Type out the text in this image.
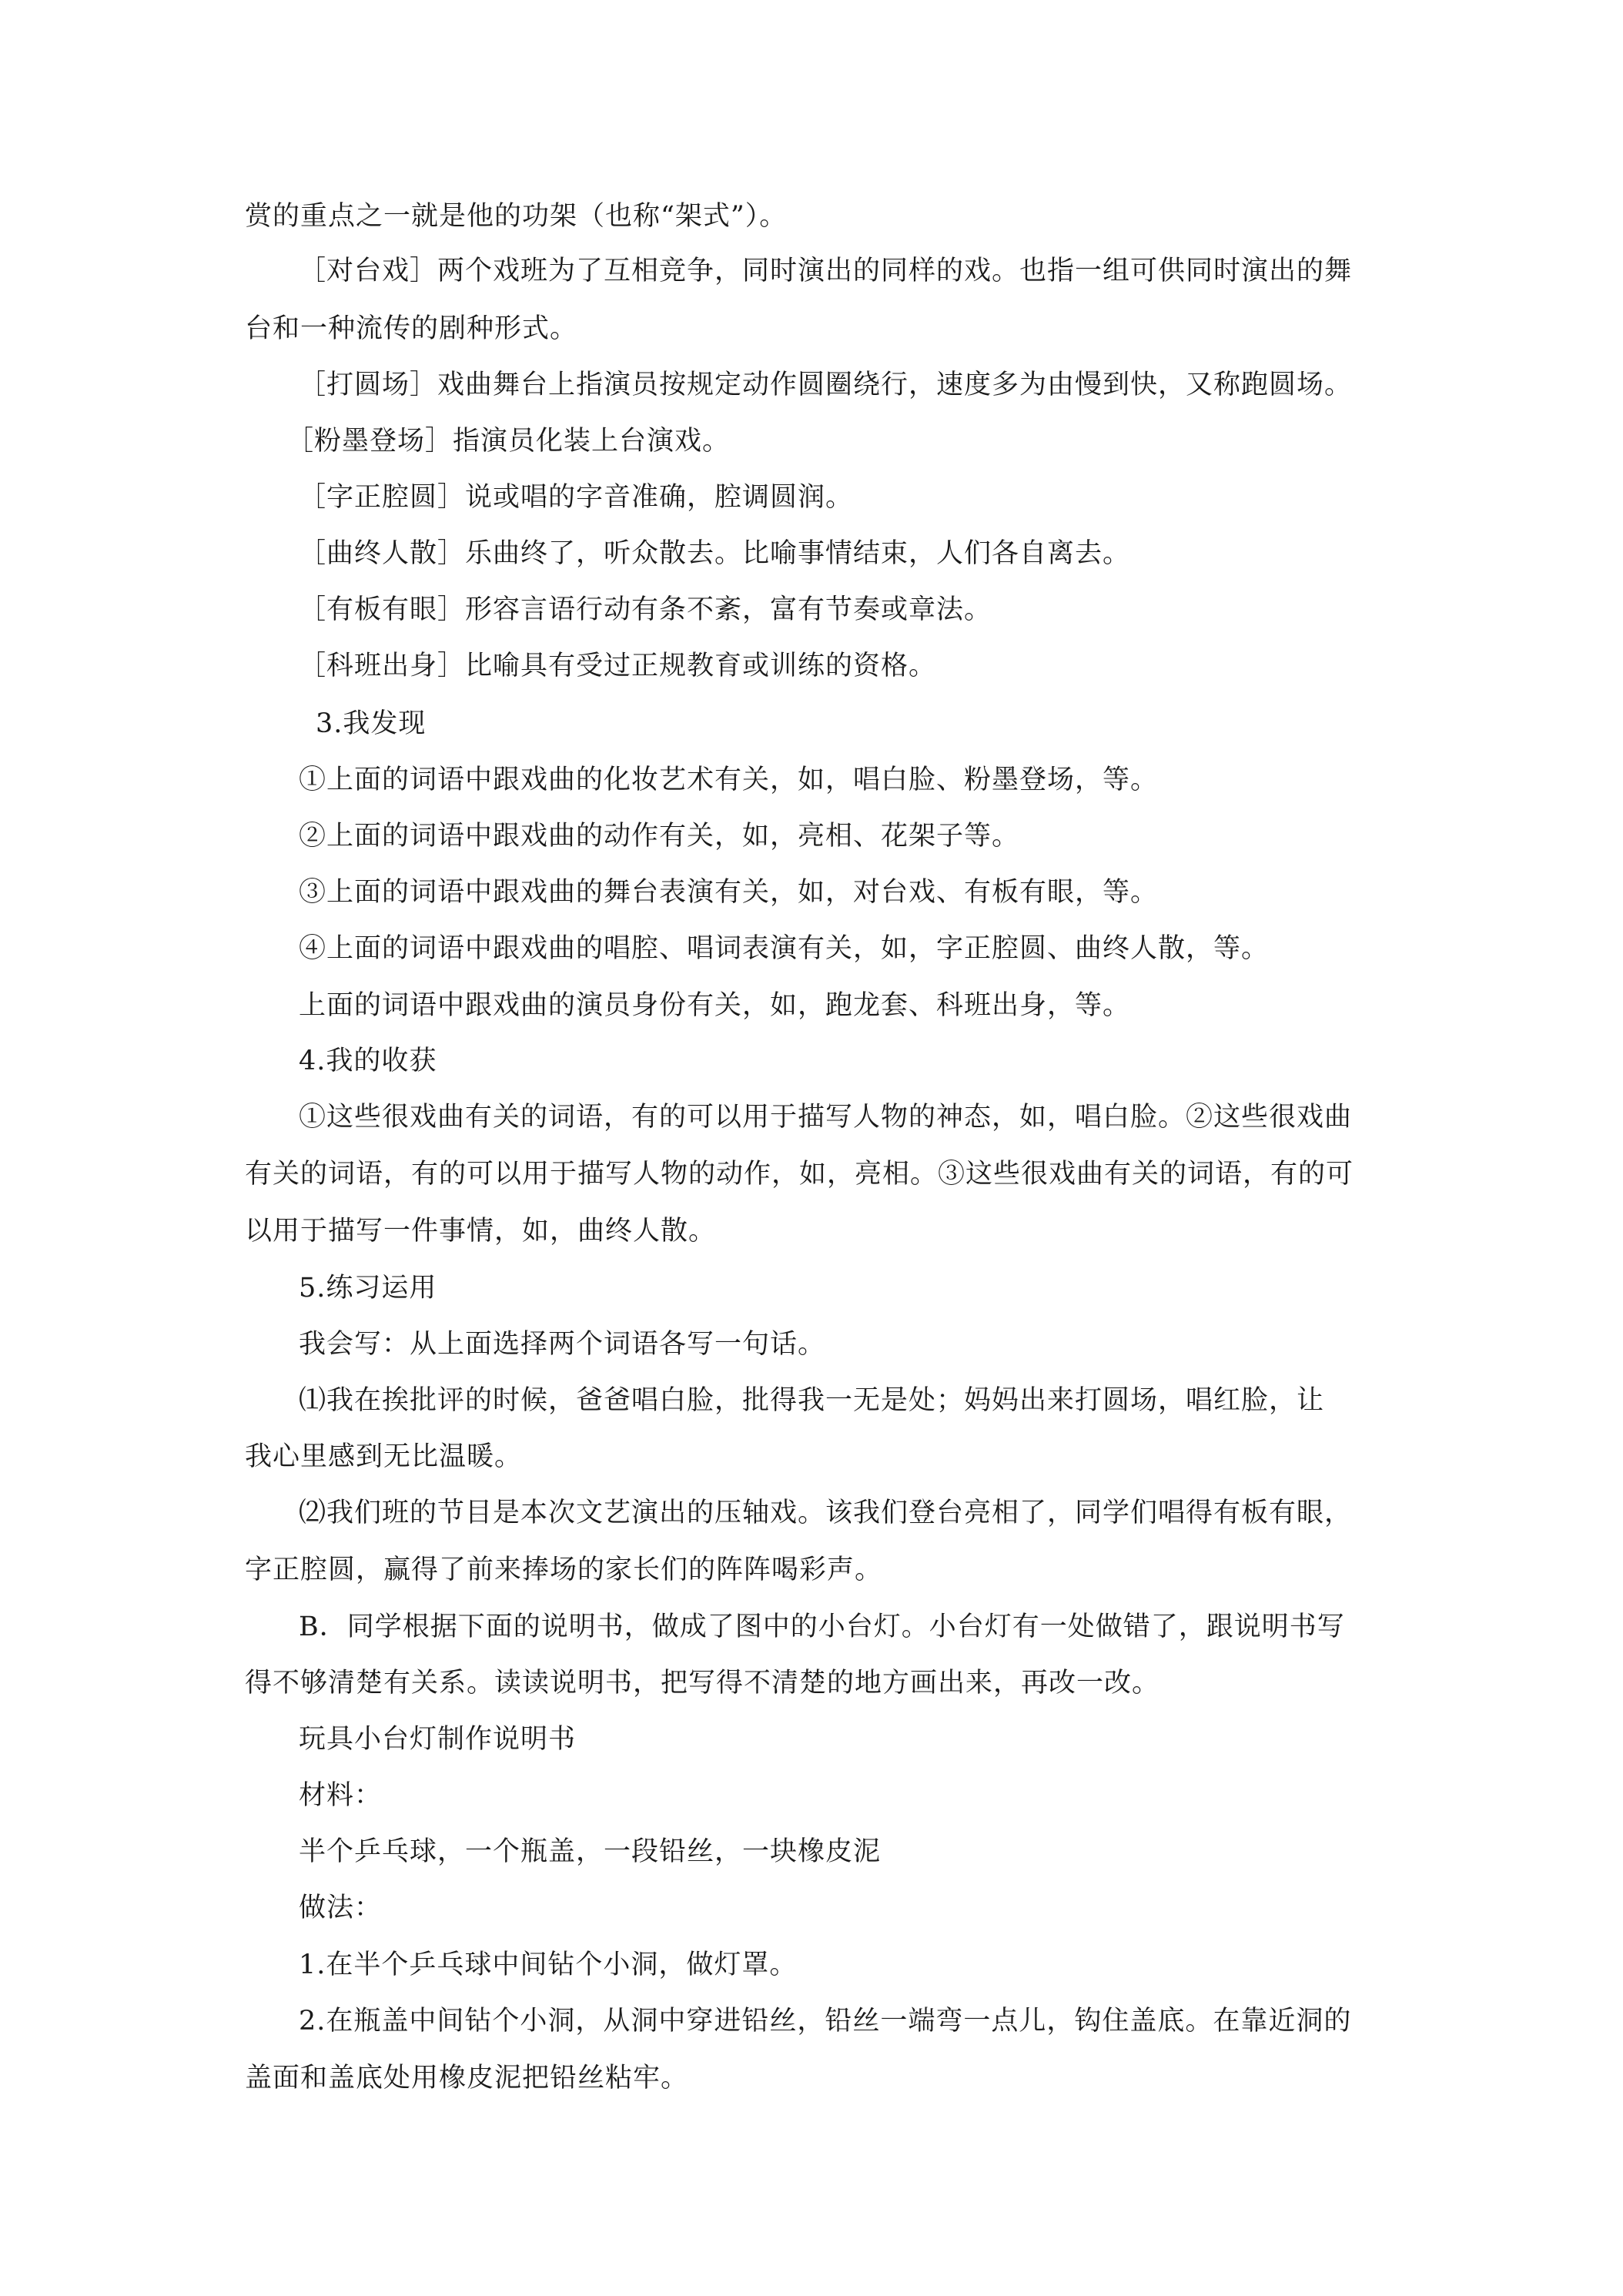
赏的重点之一就是他的功架（也称“架式”）。
［对台戏］两个戏班为了互相竞争，同时演出的同样的戏。也指一组可供同时演出的舞
台和一种流传的剧种形式。
［打圆场］戏曲舞台上指演员按规定动作圆圈绕行，速度多为由慢到快，又称跑圆场。
［粉墨登场］指演员化装上台演戏。
［字正腔圆］说或唱的字音准确，腔调圆润。
［曲终人散］乐曲终了，听众散去。比喻事情结束，人们各自离去。
［有板有眼］形容言语行动有条不紊，富有节奏或章法。
［科班出身］比喻具有受过正规教育或训练的资格。
3.我发现
①上面的词语中跟戏曲的化妆艺术有关，如，唱白脸、粉墨登场，等。
②上面的词语中跟戏曲的动作有关，如，亮相、花架子等。
③上面的词语中跟戏曲的舞台表演有关，如，对台戏、有板有眼，等。
④上面的词语中跟戏曲的唱腔、唱词表演有关，如，字正腔圆、曲终人散，等。
上面的词语中跟戏曲的演员身份有关，如，跑龙套、科班出身，等。
4.我的收获
①这些很戏曲有关的词语，有的可以用于描写人物的神态，如，唱白脸。②这些很戏曲
有关的词语，有的可以用于描写人物的动作，如，亮相。③这些很戏曲有关的词语，有的可
以用于描写一件事情，如，曲终人散。
5.练习运用
我会写：从上面选择两个词语各写一句话。
⑴我在挨批评的时候，爸爸唱白脸，批得我一无是处；妈妈出来打圆场，唱红脸，让
我心里感到无比温暖。
⑵我们班的节目是本次文艺演出的压轴戏。该我们登台亮相了，同学们唱得有板有眼，
字正腔圆，赢得了前来捧场的家长们的阵阵喝彩声。
B．同学根据下面的说明书，做成了图中的小台灯。小台灯有一处做错了，跟说明书写
得不够清楚有关系。读读说明书，把写得不清楚的地方画出来，再改一改。
玩具小台灯制作说明书
材料：
半个乒乓球，一个瓶盖，一段铅丝，一块橡皮泥
做法：
1.在半个乒乓球中间钻个小洞，做灯罩。
2.在瓶盖中间钻个小洞，从洞中穿进铅丝，铅丝一端弯一点儿，钩住盖底。在靠近洞的
盖面和盖底处用橡皮泥把铅丝粘牢。
